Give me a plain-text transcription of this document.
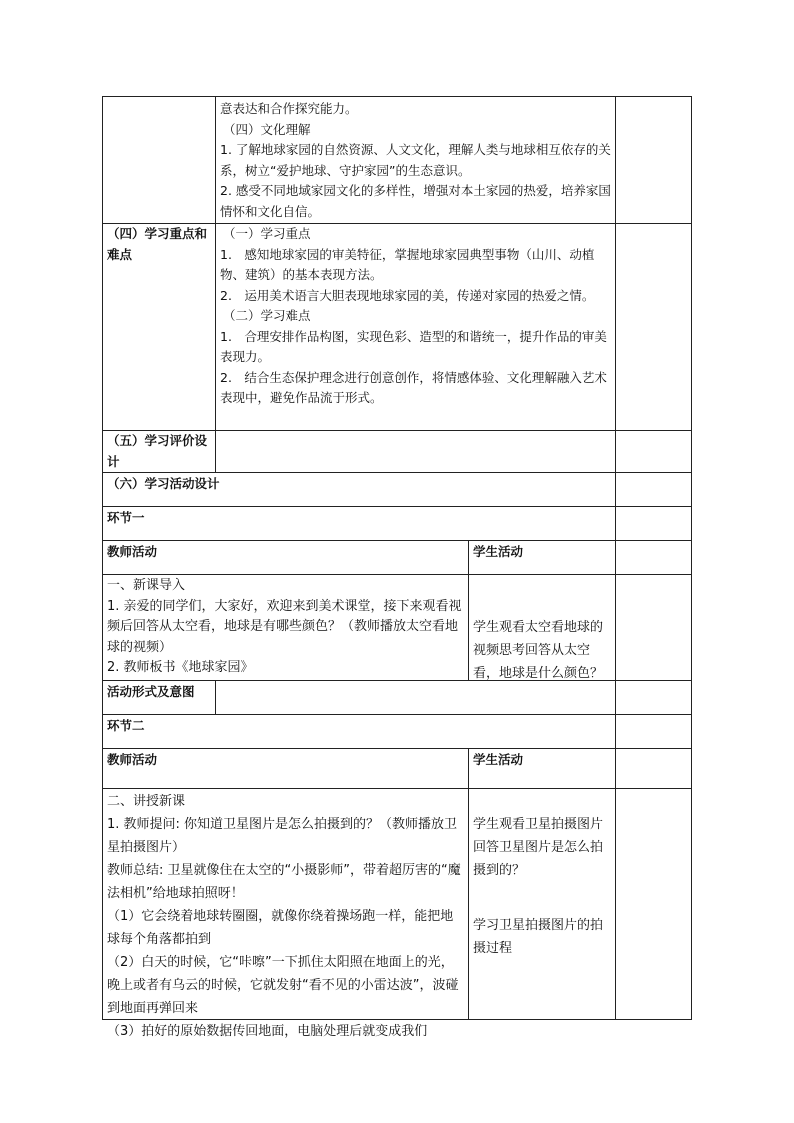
意表达和合作探究能力。

（四）文化理解

1. 了解地球家园的自然资源、人文文化，理解人类与地球相互依存的关系，树立“爱护地球、守护家园”的生态意识。

2. 感受不同地域家园文化的多样性，增强对本土家园的热爱，培养家国情怀和文化自信。

（四）学习重点和难点

（一）学习重点

1.　感知地球家园的审美特征，掌握地球家园典型事物（山川、动植物、建筑）的基本表现方法。

2.　运用美术语言大胆表现地球家园的美，传递对家园的热爱之情。

（二）学习难点

1.　合理安排作品构图，实现色彩、造型的和谐统一，提升作品的审美表现力。

2.　结合生态保护理念进行创意创作，将情感体验、文化理解融入艺术表现中，避免作品流于形式。

（五）学习评价设计
（六）学习活动设计
环节一
教师活动	学生活动

一、新课导入

1. 亲爱的同学们，大家好，欢迎来到美术课堂，接下来观看视频后回答从太空看，地球是有哪些颜色？（教师播放太空看地球的视频）

2. 教师板书《地球家园》

学生观看太空看地球的视频思考回答从太空看，地球是什么颜色？

活动形式及意图
环节二
教师活动	学生活动

二、讲授新课

1. 教师提问: 你知道卫星图片是怎么拍摄到的？（教师播放卫星拍摄图片）

教师总结: 卫星就像住在太空的“小摄影师”，带着超厉害的“魔法相机”给地球拍照呀！

（1）它会绕着地球转圈圈，就像你绕着操场跑一样，能把地球每个角落都拍到

（2）白天的时候，它“咔嚓”一下抓住太阳照在地面上的光，晚上或者有乌云的时候，它就发射“看不见的小雷达波”，波碰到地面再弹回来

（3）拍好的原始数据传回地面，电脑处理后就变成我们

学生观看卫星拍摄图片回答卫星图片是怎么拍摄到的？

学习卫星拍摄图片的拍摄过程
